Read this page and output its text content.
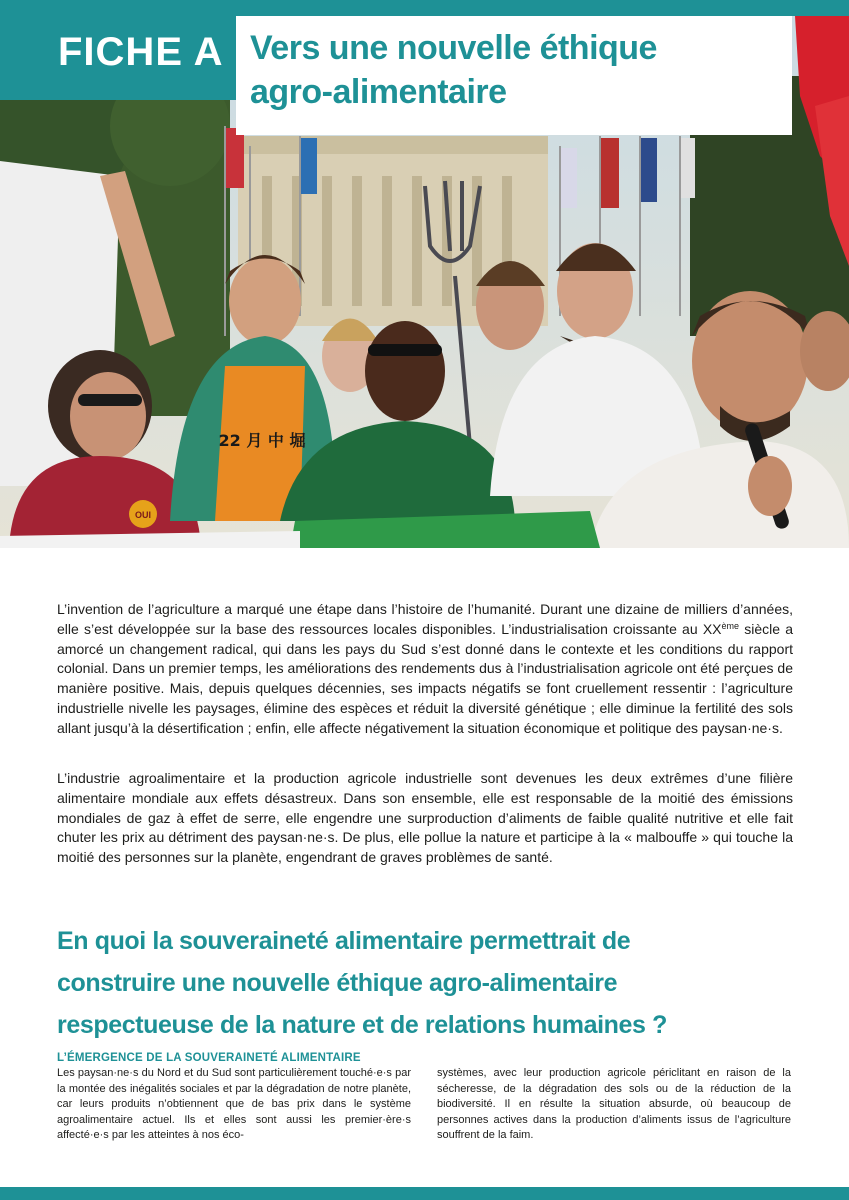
OUI
22 月 中 堀
FICHE A Vers une nouvelle éthique
agro-alimentaire
L’invention de l’agriculture a marqué une étape dans l’histoire de l’humanité. Durant une dizaine de milliers d’années, elle s’est développée sur la base des ressources locales disponibles. L’industrialisation croissante au XXème siècle a amorcé un changement radical, qui dans les pays du Sud s’est donné dans le contexte et les conditions du rapport colonial. Dans un premier temps, les améliorations des rendements dus à l’industrialisation agricole ont été perçues de manière positive. Mais, depuis quelques décennies, ses impacts négatifs se font cruellement ressentir : l’agriculture industrielle nivelle les paysages, élimine des espèces et réduit la diversité génétique ; elle diminue la fertilité des sols allant jusqu’à la désertification ; enfin, elle affecte négativement la situation économique et politique des paysan·ne·s.
L’industrie agroalimentaire et la production agricole industrielle sont devenues les deux extrêmes d’une filière alimentaire mondiale aux effets désastreux. Dans son ensemble, elle est responsable de la moitié des émissions mondiales de gaz à effet de serre, elle engendre une surproduction d’aliments de faible qualité nutritive et elle fait chuter les prix au détriment des paysan·ne·s. De plus, elle pollue la nature et participe à la « malbouffe » qui touche la moitié des personnes sur la planète, engendrant de graves problèmes de santé.
En quoi la souveraineté alimentaire permettrait de
construire une nouvelle éthique agro-alimentaire
respectueuse de la nature et de relations humaines ?
L’ÉMERGENCE DE LA SOUVERAINETÉ ALIMENTAIRE
Les paysan·ne·s du Nord et du Sud sont particulièrement touché·e·s par la montée des inégalités sociales et par la dégradation de notre planète, car leurs produits n’obtiennent que de bas prix dans le système agroalimentaire actuel. Ils et elles sont aussi les premier·ère·s affecté·e·s par les atteintes à nos éco-
systèmes, avec leur production agricole périclitant en raison de la sécheresse, de la dégradation des sols ou de la réduction de la biodiversité. Il en résulte la situation absurde, où beaucoup de personnes actives dans la production d’aliments issus de l’agriculture souffrent de la faim.
